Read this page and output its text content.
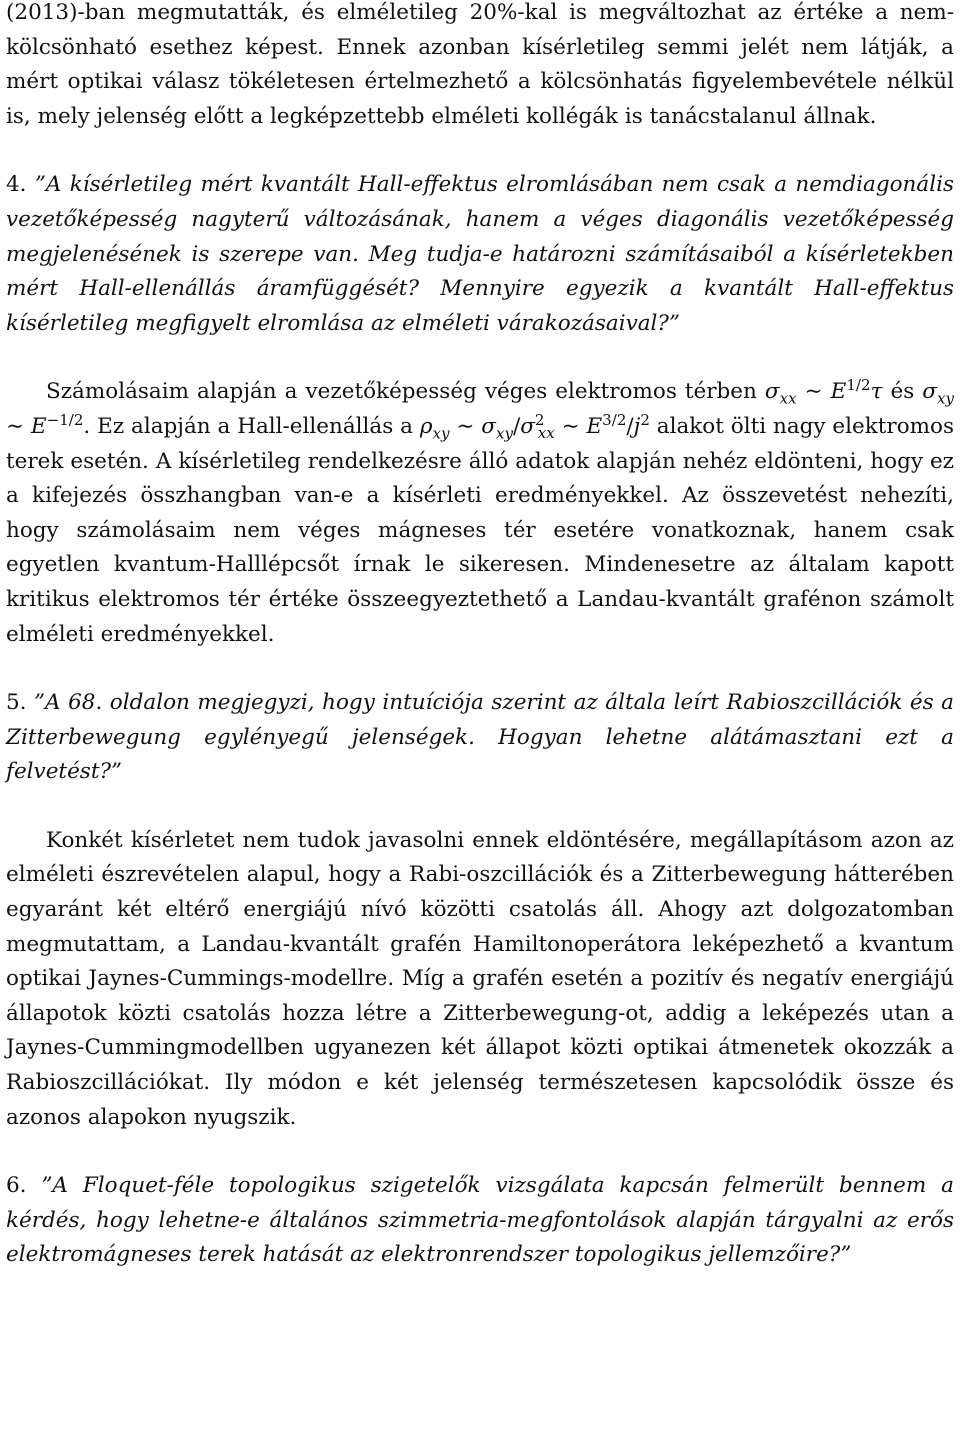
(2013)-ban megmutatták, és elméletileg 20%-kal is megváltozhat az értéke a nem-kölcsönható esethez képest. Ennek azonban kísérletileg semmi jelét nem látják, a mért optikai válasz tökéletesen értelmezhető a kölcsönhatás figyelembevétele nélkül is, mely jelenség előtt a legképzettebb elméleti kollégák is tanácstalanul állnak.

4. ”A kísérletileg mért kvantált Hall-effektus elromlásában nem csak a nemdiagonális vezetőképesség nagyterű változásának, hanem a véges diagonális vezetőképesség megjelenésének is szerepe van. Meg tudja-e határozni számításaiból a kísérletekben mért Hall-ellenállás áramfüggését? Mennyire egyezik a kvantált Hall-effektus kísérletileg megfigyelt elromlása az elméleti várakozásaival?”

Számolásaim alapján a vezetőképesség véges elektromos térben $\sigma_{xx}$ ∼ $E^{1/2}\tau$ és $\sigma_{xy}$ ∼ $E^{-1/2}$. Ez alapján a Hall-ellenállás a $\rho_{xy}$ ∼ $\sigma_{xy}/\sigma^2_{xx}$ ∼ $E^{3/2}/j^2$ alakot ölti nagy elektromos terek esetén. A kísérletileg rendelkezésre álló adatok alapján nehéz eldönteni, hogy ez a kifejezés összhangban van-e a kísérleti eredményekkel. Az összevetést nehezíti, hogy számolásaim nem véges mágneses tér esetére vonatkoznak, hanem csak egyetlen kvantum-Halllépcsőt írnak le sikeresen. Mindenesetre az általam kapott kritikus elektromos tér értéke összeegyeztethető a Landau-kvantált grafénon számolt elméleti eredményekkel.

5. ”A 68. oldalon megjegyzi, hogy intuíciója szerint az általa leírt Rabioszcillációk és a Zitterbewegung egylényegű jelenségek. Hogyan lehetne alátámasztani ezt a felvetést?”

Konkét kísérletet nem tudok javasolni ennek eldöntésére, megállapításom azon az elméleti észrevételen alapul, hogy a Rabi-oszcillációk és a Zitterbewegung hátterében egyaránt két eltérő energiájú nívó közötti csatolás áll. Ahogy azt dolgozatomban megmutattam, a Landau-kvantált grafén Hamiltonoperátora leképezhető a kvantum optikai Jaynes-Cummings-modellre. Míg a grafén esetén a pozitív és negatív energiájú állapotok közti csatolás hozza létre a Zitterbewegung-ot, addig a leképezés utan a Jaynes-Cummingmodellben ugyanezen két állapot közti optikai átmenetek okozzák a Rabioszcillációkat. Ily módon e két jelenség természetesen kapcsolódik össze és azonos alapokon nyugszik.

6. ”A Floquet-féle topologikus szigetelők vizsgálata kapcsán felmerült bennem a kérdés, hogy lehetne-e általános szimmetria-megfontolások alapján tárgyalni az erős elektromágneses terek hatását az elektronrendszer topologikus jellemzőire?”
